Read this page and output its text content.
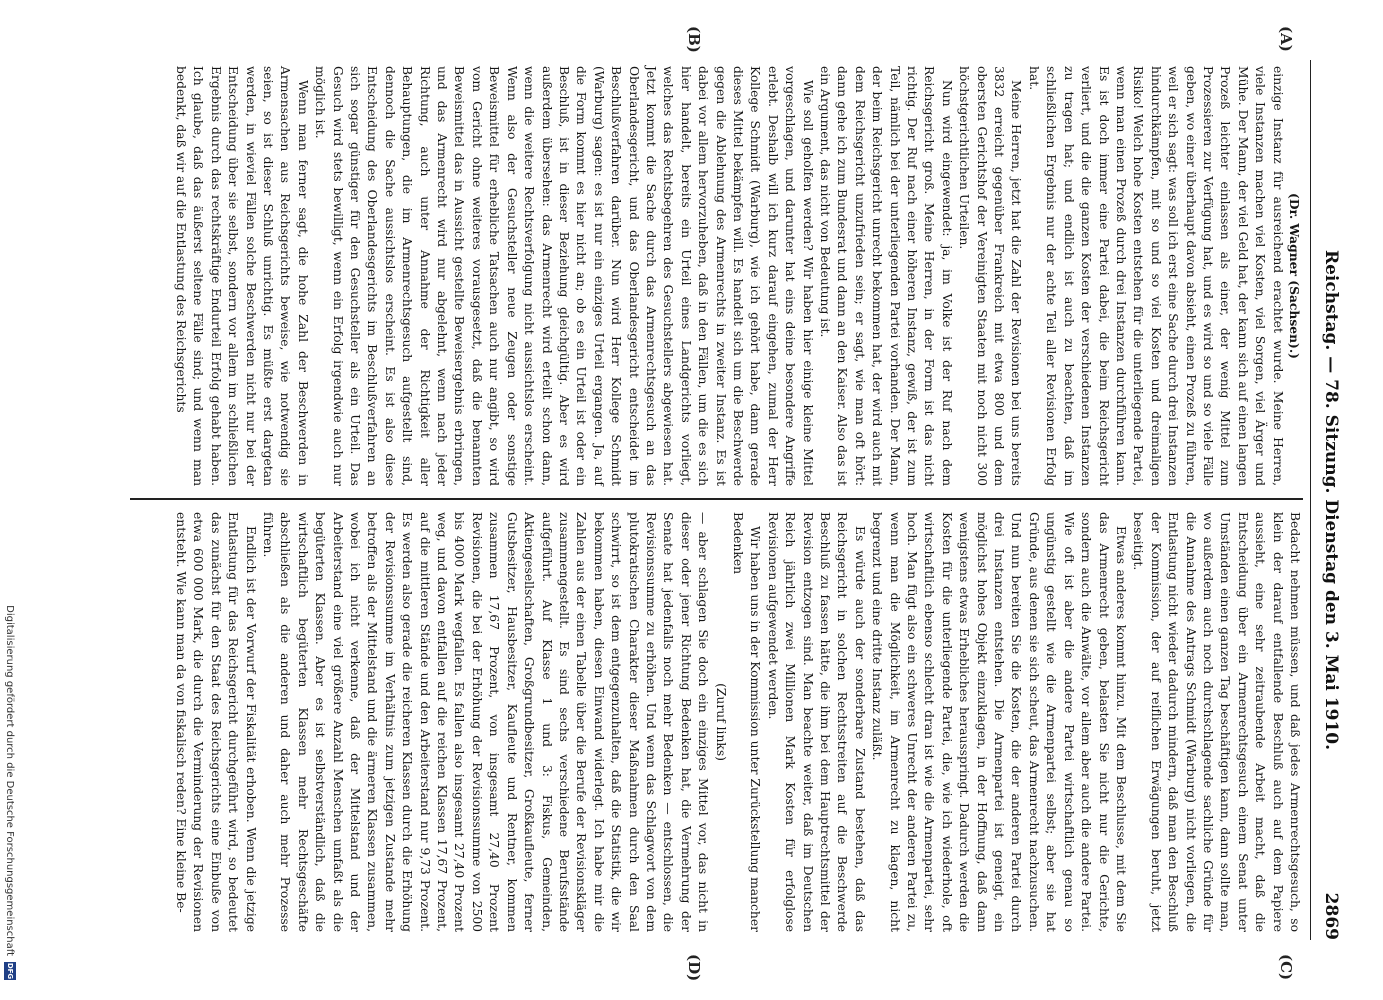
Reichstag. — 78. Sitzung. Dienstag den 3. Mai 1910.
2869
(A)
(B)
(C)
(D)

(Dr. Wagner (Sachsen).)

einzige Instanz für ausreichend erachtet wurde. Meine Herren, viele Instanzen machen viel Kosten, viel Sorgen, viel Ärger und Mühe. Der Mann, der viel Geld hat, der kann sich auf einen langen Prozeß leichter einlassen als einer, der wenig Mittel zum Prozessieren zur Verfügung hat, und es wird so und so viele Fälle geben, wo einer überhaupt davon absieht, einen Prozeß zu führen, weil er sich sagt: was soll ich erst eine Sache durch drei Instanzen hindurchkämpfen, mit so und so viel Kosten und dreimaligen Risiko! Welch hohe Kosten entstehen für die unterliegende Partei, wenn man einen Prozeß durch drei Instanzen durchführen kann. Es ist doch immer eine Partei dabei, die beim Reichsgericht verliert, und die die ganzen Kosten der verschiedenen Instanzen zu tragen hat; und endlich ist auch zu beachten, daß im schließlichen Ergebnis nur der achte Teil aller Revisionen Erfolg hat.

Meine Herren, jetzt hat die Zahl der Revisionen bei uns bereits 3832 erreicht gegenüber Frankreich mit etwa 800 und dem obersten Gerichtshof der Vereinigten Staaten mit noch nicht 300 höchstgerichtlichen Urteilen.

Nun wird eingewendet: ja, im Volke ist der Ruf nach dem Reichsgericht groß. Meine Herren, in der Form ist das nicht richtig. Der Ruf nach einer höheren Instanz, gewiß, der ist zum Teil, nämlich bei der unterliegenden Partei vorhanden. Der Mann, der beim Reichsgericht unrecht bekommen hat, der wird auch mit dem Reichsgericht unzufrieden sein; er sagt, wie man oft hört: dann gehe ich zum Bundesrat und dann an den Kaiser. Also das ist ein Argument, das nicht von Bedeutung ist.

Wie soll geholfen werden? Wir haben hier einige kleine Mittel vorgeschlagen, und darunter hat eins deine besondere Angriffe erlebt. Deshalb will ich kurz darauf eingehen, zumal der Herr Kollege Schmidt (Warburg), wie ich gehört habe, dann gerade dieses Mittel bekämpfen will. Es handelt sich um die Beschwerde gegen die Ablehnung des Armenrechts in zweiter Instanz. Es ist dabei vor allem hervorzuheben, daß in den Fällen, um die es sich hier handelt, bereits ein Urteil eines Landgerichts vorliegt, welches das Rechtsbegehren des Gesuchstellers abgewiesen hat. Jetzt kommt die Sache durch das Armenrechtsgesuch an das Oberlandesgericht, und das Oberlandesgericht entscheidet im Beschlußverfahren darüber. Nun wird Herr Kollege Schmidt (Warburg) sagen: es ist nur ein einziges Urteil ergangen. Ja, auf die Form kommt es hier nicht an; ob es ein Urteil ist oder ein Beschluß, ist in dieser Beziehung gleichgültig. Aber es wird außerdem übersehen: das Armenrecht wird erteilt schon dann, wenn die weitere Rechtsverfolgung nicht aussichtslos erscheint. Wenn also der Gesuchsteller neue Zeugen oder sonstige Beweismittel für erhebliche Tatsachen auch nur angibt, so wird vom Gericht ohne weiteres vorausgesetzt, daß die benannten Beweismittel das in Aussicht gestellte Beweisergebnis erbringen, und das Armenrecht wird nur abgelehnt, wenn nach jeder Richtung, auch unter Annahme der Richtigkeit aller Behauptungen, die im Armenrechtsgesuch aufgestellt sind, dennoch die Sache aussichtslos erscheint. Es ist also diese Entscheidung des Oberlandesgerichts im Beschlußverfahren an sich sogar günstiger für den Gesuchsteller als ein Urteil. Das Gesuch wird stets bewilligt, wenn ein Erfolg irgendwie auch nur möglich ist.

Wenn man ferner sagt, die hohe Zahl der Beschwerden in Armensachen aus Reichsgerichts beweise, wie notwendig sie seien, so ist dieser Schluß unrichtig. Es müßte erst dargetan werden, in wieviel Fällen solche Beschwerden nicht nur bei der Entscheidung über sie selbst, sondern vor allem im schließlichen Ergebnis durch das rechtskräftige Endurteil Erfolg gehabt haben. Ich glaube, daß das äußerst seltene Fälle sind; und wenn man bedenkt, daß wir auf die Entlastung des Reichsgerichts

Bedacht nehmen müssen, und daß jedes Armenrechtsgesuch, so klein der darauf entfallende Beschluß auch auf dem Papiere aussieht, eine sehr zeitraubende Arbeit macht, daß die Entscheidung über ein Armenrechtsgesuch einem Senat unter Umständen einen ganzen Tag beschäftigen kann, dann sollte man, wo außerdem auch noch durchschlagende sachliche Gründe für die Annahme des Antrags Schmidt (Warburg) nicht vorliegen, die Entlastung nicht wieder dadurch mindern, daß man den Beschluß der Kommission, der auf reiflichen Erwägungen beruht, jetzt beseitigt.

Etwas anderes kommt hinzu. Mit dem Beschlusse, mit dem Sie das Armenrecht geben, belasten Sie nicht nur die Gerichte, sondern auch die Anwälte, vor allem aber auch die andere Partei. Wie oft ist aber die andere Partei wirtschaftlich genau so ungünstig gestellt wie die Armenpartei selbst; aber sie hat Gründe, aus denen sie sich scheut, das Armenrecht nachzusuchen. Und nun bereiten Sie die Kosten, die der anderen Partei durch drei Instanzen entstehen. Die Armenpartei ist geneigt, ein möglichst hohes Objekt einzuklagen, in der Hoffnung, daß dann wenigstens etwas Erhebliches herausspringt. Dadurch werden die Kosten für die unterliegende Partei, die, wie ich wiederhole, oft wirtschaftlich ebenso schlecht dran ist wie die Armenpartei, sehr hoch. Man fügt also ein schweres Unrecht der anderen Partei zu, wenn man die Möglichkeit, im Armenrecht zu klagen, nicht begrenzt und eine dritte Instanz zuläßt.

Es würde auch der sonderbare Zustand bestehen, daß das Reichsgericht in solchen Rechtsstreiten auf die Beschwerde Beschluß zu fassen hätte, die ihm bei dem Hauptrechtsmittel der Revision entzogen sind. Man beachte weiter, daß im Deutschen Reich jährlich zwei Millionen Mark Kosten für erfolglose Revisionen aufgewendet werden.

Wir haben uns in der Kommission unter Zurückstellung mancher Bedenken

(Zuruf links)

— aber schlagen Sie doch ein einziges Mittel vor, das nicht in dieser oder jener Richtung Bedenken hat, die Vermehrung der Senate hat jedenfalls noch mehr Bedenken — entschlossen, die Revisionssumme zu erhöhen. Und wenn das Schlagwort von dem plutokratischen Charakter dieser Maßnahmen durch den Saal schwirrt, so ist dem entgegenzuhalten, daß die Statistik, die wir bekommen haben, diesen Einwand widerlegt. Ich habe mir die Zahlen aus der einen Tabelle über die Berufe der Revisionskläger zusammengestellt. Es sind sechs verschiedene Berufsstände aufgeführt. Auf Klasse 1 und 3: Fiskus, Gemeinden, Aktiengesellschaften, Großgrundbesitzer, Großkaufleute, ferner Gutsbesitzer, Hausbesitzer, Kaufleute und Rentner, kommen zusammen 17,67 Prozent, von insgesamt 27,40 Prozent Revisionen, die bei der Erhöhung der Revisionssumme von 2500 bis 4000 Mark wegfallen. Es fallen also insgesamt 27,40 Prozent weg, und davon entfallen auf die reichen Klassen 17,67 Prozent, auf die mittleren Stände und den Arbeiterstand nur 9,73 Prozent. Es werden also gerade die reicheren Klassen durch die Erhöhung der Revisionssumme im Verhältnis zum jetzigen Zustande mehr betroffen als der Mittelstand und die ärmeren Klassen zusammen, wobei ich nicht verkenne, daß der Mittelstand und der Arbeiterstand eine viel größere Anzahl Menschen umfaßt als die begüterten Klassen. Aber es ist selbstverständlich, daß die wirtschaftlich begüterten Klassen mehr Rechtsgeschäfte abschließen als die anderen und daher auch mehr Prozesse führen.

Endlich ist der Vorwurf der Fiskalität erhoben. Wenn die jetzige Entlastung für das Reichsgericht durchgeführt wird, so bedeutet das zunächst für den Staat des Reichsgerichts eine Einbuße von etwa 600 000 Mark, die durch die Verminderung der Revisionen entsteht. Wie kann man da von fiskalisch reden? Eine kleine Be-

Digitalisierung gefördert durch die Deutsche Forschungsgemeinschaft
DFG
